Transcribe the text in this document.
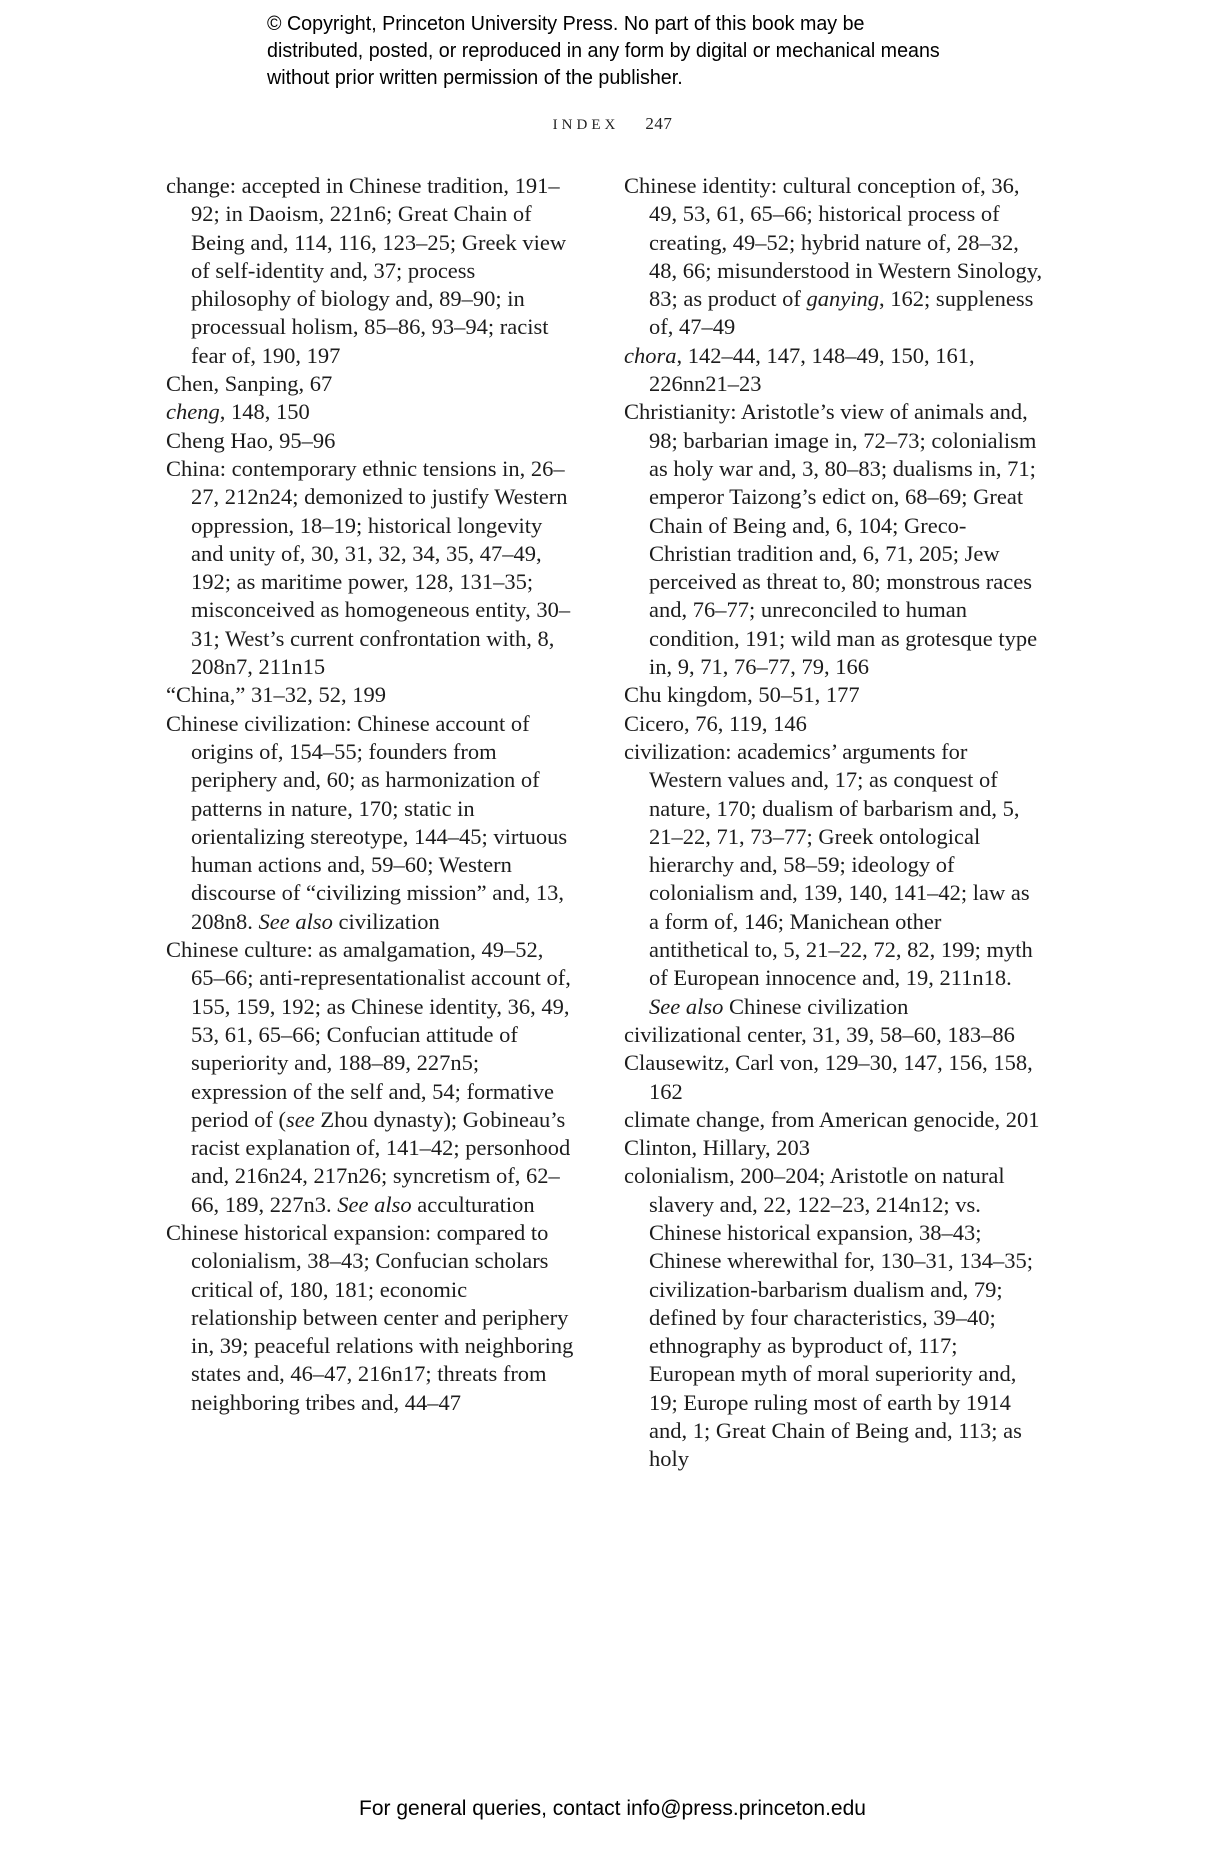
© Copyright, Princeton University Press. No part of this book may be distributed, posted, or reproduced in any form by digital or mechanical means without prior written permission of the publisher.
INDEX 247

change: accepted in Chinese tradition, 191–92; in Daoism, 221n6; Great Chain of Being and, 114, 116, 123–25; Greek view of self-identity and, 37; process philosophy of biology and, 89–90; in processual holism, 85–86, 93–94; racist fear of, 190, 197

Chen, Sanping, 67

cheng, 148, 150

Cheng Hao, 95–96

China: contemporary ethnic tensions in, 26–27, 212n24; demonized to justify Western oppression, 18–19; historical longevity and unity of, 30, 31, 32, 34, 35, 47–49, 192; as maritime power, 128, 131–35; misconceived as homogeneous entity, 30–31; West’s current confrontation with, 8, 208n7, 211n15

“China,” 31–32, 52, 199

Chinese civilization: Chinese account of origins of, 154–55; founders from periphery and, 60; as harmonization of patterns in nature, 170; static in orientalizing stereotype, 144–45; virtuous human actions and, 59–60; Western discourse of “civilizing mission” and, 13, 208n8. See also civilization

Chinese culture: as amalgamation, 49–52, 65–66; anti-representationalist account of, 155, 159, 192; as Chinese identity, 36, 49, 53, 61, 65–66; Confucian attitude of superiority and, 188–89, 227n5; expression of the self and, 54; formative period of (see Zhou dynasty); Gobineau’s racist explanation of, 141–42; personhood and, 216n24, 217n26; syncretism of, 62–66, 189, 227n3. See also acculturation

Chinese historical expansion: compared to colonialism, 38–43; Confucian scholars critical of, 180, 181; economic relationship between center and periphery in, 39; peaceful relations with neighboring states and, 46–47, 216n17; threats from neighboring tribes and, 44–47

Chinese identity: cultural conception of, 36, 49, 53, 61, 65–66; historical process of creating, 49–52; hybrid nature of, 28–32, 48, 66; misunderstood in Western Sinology, 83; as product of ganying, 162; suppleness of, 47–49

chora, 142–44, 147, 148–49, 150, 161, 226nn21–23

Christianity: Aristotle’s view of animals and, 98; barbarian image in, 72–73; colonialism as holy war and, 3, 80–83; dualisms in, 71; emperor Taizong’s edict on, 68–69; Great Chain of Being and, 6, 104; Greco-Christian tradition and, 6, 71, 205; Jew perceived as threat to, 80; monstrous races and, 76–77; unreconciled to human condition, 191; wild man as grotesque type in, 9, 71, 76–77, 79, 166

Chu kingdom, 50–51, 177

Cicero, 76, 119, 146

civilization: academics’ arguments for Western values and, 17; as conquest of nature, 170; dualism of barbarism and, 5, 21–22, 71, 73–77; Greek ontological hierarchy and, 58–59; ideology of colonialism and, 139, 140, 141–42; law as a form of, 146; Manichean other antithetical to, 5, 21–22, 72, 82, 199; myth of European innocence and, 19, 211n18. See also Chinese civilization

civilizational center, 31, 39, 58–60, 183–86

Clausewitz, Carl von, 129–30, 147, 156, 158, 162

climate change, from American genocide, 201

Clinton, Hillary, 203

colonialism, 200–204; Aristotle on natural slavery and, 22, 122–23, 214n12; vs. Chinese historical expansion, 38–43; Chinese wherewithal for, 130–31, 134–35; civilization-barbarism dualism and, 79; defined by four characteristics, 39–40; ethnography as byproduct of, 117; European myth of moral superiority and, 19; Europe ruling most of earth by 1914 and, 1; Great Chain of Being and, 113; as holy

For general queries, contact info@press.princeton.edu
